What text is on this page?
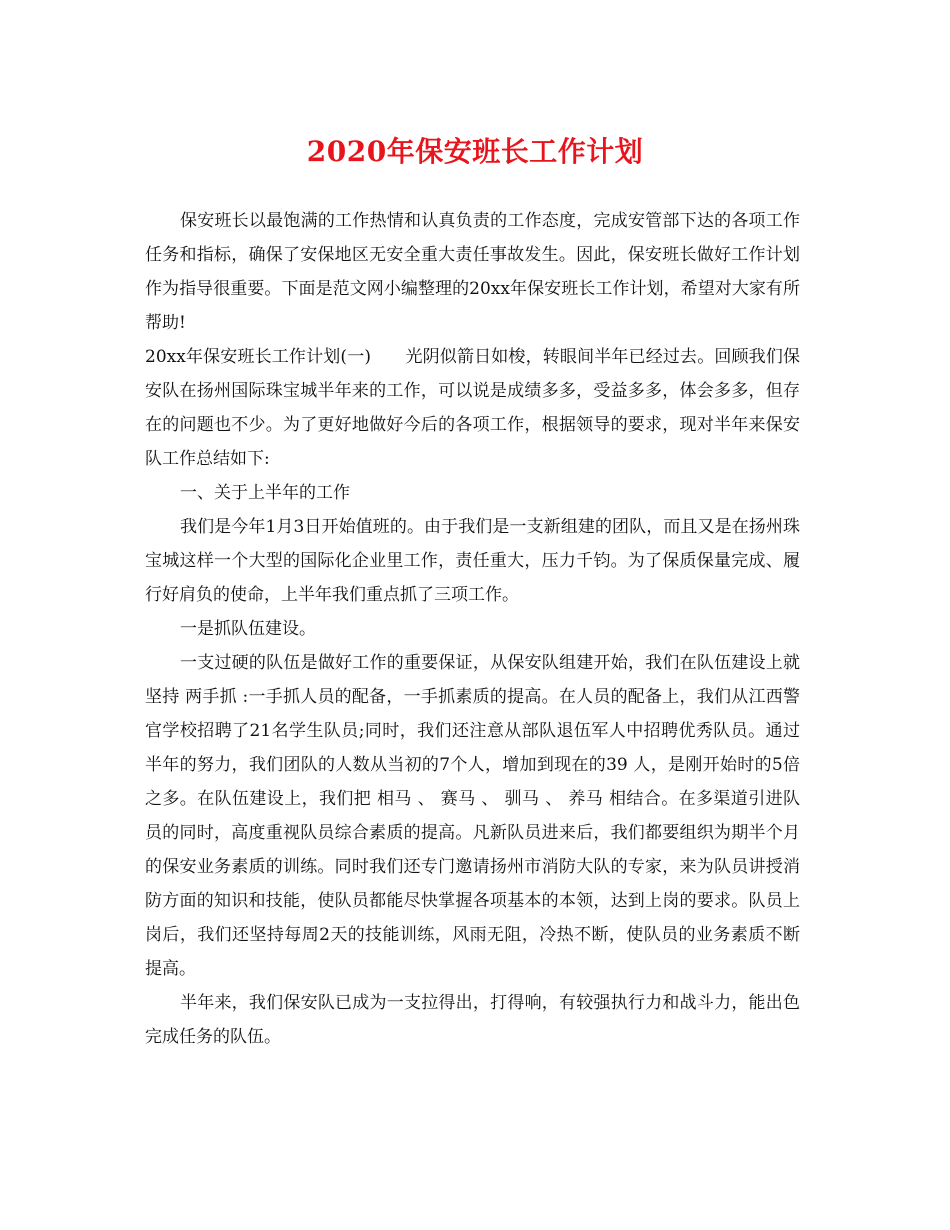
2020年保安班长工作计划

保安班长以最饱满的工作热情和认真负责的工作态度，完成安管部下达的各项工作任务和指标，确保了安保地区无安全重大责任事故发生。因此，保安班长做好工作计划作为指导很重要。下面是范文网小编整理的20xx年保安班长工作计划，希望对大家有所帮助!

20xx年保安班长工作计划(一)　　光阴似箭日如梭，转眼间半年已经过去。回顾我们保安队在扬州国际珠宝城半年来的工作，可以说是成绩多多，受益多多，体会多多，但存在的问题也不少。为了更好地做好今后的各项工作，根据领导的要求，现对半年来保安队工作总结如下:

一、关于上半年的工作

我们是今年1月3日开始值班的。由于我们是一支新组建的团队，而且又是在扬州珠宝城这样一个大型的国际化企业里工作，责任重大，压力千钧。为了保质保量完成、履行好肩负的使命，上半年我们重点抓了三项工作。

一是抓队伍建设。

一支过硬的队伍是做好工作的重要保证，从保安队组建开始，我们在队伍建设上就坚持 两手抓 :一手抓人员的配备，一手抓素质的提高。在人员的配备上，我们从江西警官学校招聘了21名学生队员;同时，我们还注意从部队退伍军人中招聘优秀队员。通过半年的努力，我们团队的人数从当初的7个人，增加到现在的39 人，是刚开始时的5倍之多。在队伍建设上，我们把 相马 、 赛马 、 驯马 、 养马 相结合。在多渠道引进队员的同时，高度重视队员综合素质的提高。凡新队员进来后，我们都要组织为期半个月的保安业务素质的训练。同时我们还专门邀请扬州市消防大队的专家，来为队员讲授消防方面的知识和技能，使队员都能尽快掌握各项基本的本领，达到上岗的要求。队员上岗后，我们还坚持每周2天的技能训练，风雨无阻，冷热不断，使队员的业务素质不断提高。

半年来，我们保安队已成为一支拉得出，打得响，有较强执行力和战斗力，能出色完成任务的队伍。
